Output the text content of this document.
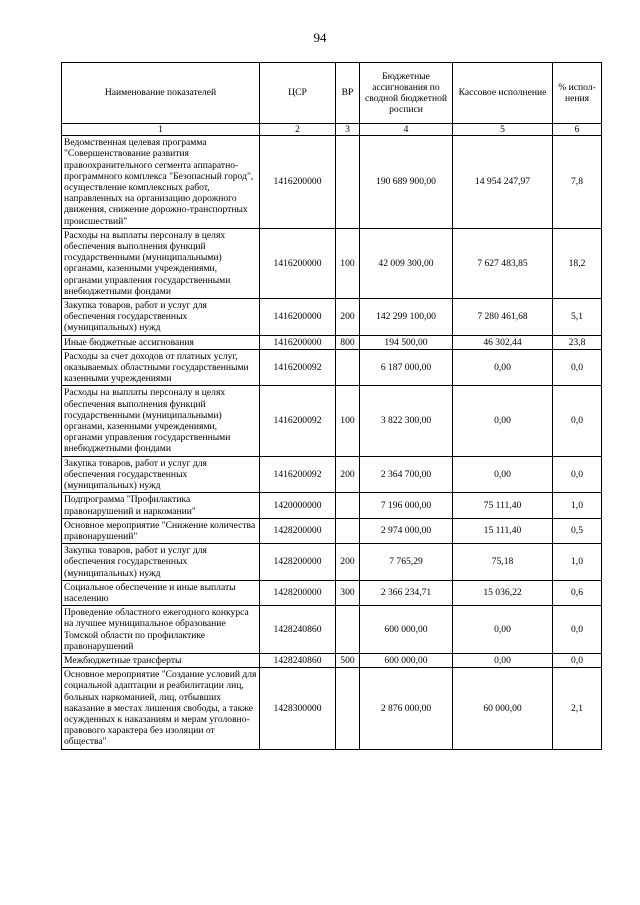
94
Наименование показателей	ЦСР	ВР	Бюджетные ассигнования по сводной бюджетной росписи	Кассовое исполнение	% испол-нения
1	2	3	4	5	6
Ведомственная целевая программа "Совершенствование развития правоохранительного сегмента аппаратно-программного комплекса "Безопасный город", осуществление комплексных работ, направленных на организацию дорожного движения, снижение дорожно-транспортных происшествий"	1416200000		190 689 900,00	14 954 247,97	7,8
Расходы на выплаты персоналу в целях обеспечения выполнения функций государственными (муниципальными) органами, казенными учреждениями, органами управления государственными внебюджетными фондами	1416200000	100	42 009 300,00	7 627 483,85	18,2
Закупка товаров, работ и услуг для обеспечения государственных (муниципальных) нужд	1416200000	200	142 299 100,00	7 280 461,68	5,1
Иные бюджетные ассигнования	1416200000	800	194 500,00	46 302,44	23,8
Расходы за счет доходов от платных услуг, оказываемых областными государственными казенными учреждениями	1416200092		6 187 000,00	0,00	0,0
Расходы на выплаты персоналу в целях обеспечения выполнения функций государственными (муниципальными) органами, казенными учреждениями, органами управления государственными внебюджетными фондами	1416200092	100	3 822 300,00	0,00	0,0
Закупка товаров, работ и услуг для обеспечения государственных (муниципальных) нужд	1416200092	200	2 364 700,00	0,00	0,0
Подпрограмма "Профилактика правонарушений и наркомании"	1420000000		7 196 000,00	75 111,40	1,0
Основное мероприятие "Снижение количества правонарушений"	1428200000		2 974 000,00	15 111,40	0,5
Закупка товаров, работ и услуг для обеспечения государственных (муниципальных) нужд	1428200000	200	7 765,29	75,18	1,0
Социальное обеспечение и иные выплаты населению	1428200000	300	2 366 234,71	15 036,22	0,6
Проведение областного ежегодного конкурса на лучшее муниципальное образование Томской области по профилактике правонарушений	1428240860		600 000,00	0,00	0,0
Межбюджетные трансферты	1428240860	500	600 000,00	0,00	0,0
Основное мероприятие "Создание условий для социальной адаптации и реабилитации лиц, больных наркоманией, лиц, отбывших наказание в местах лишения свободы, а также осужденных к наказаниям и мерам уголовно-правового характера без изоляции от общества"	1428300000		2 876 000,00	60 000,00	2,1
